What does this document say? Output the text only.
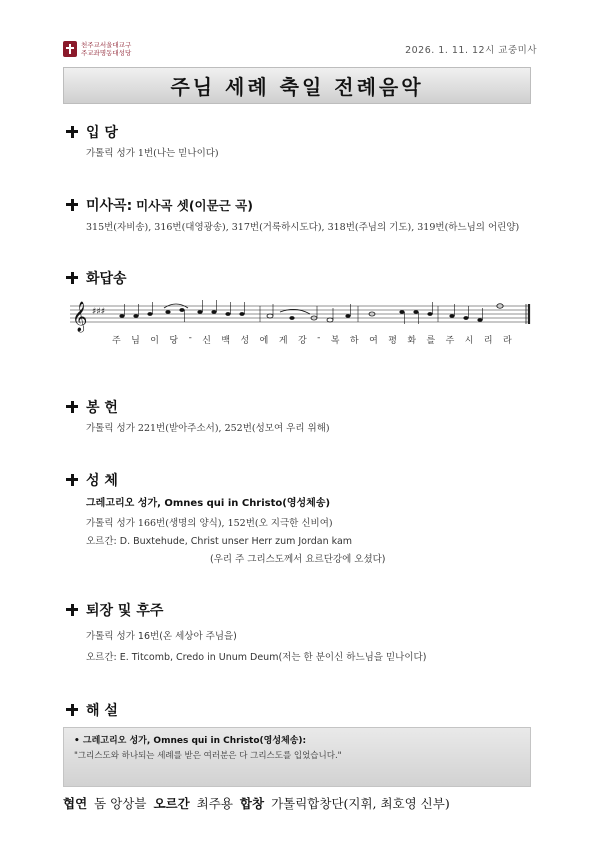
천주교서울대교구
주교좌명동대성당	2026. 1. 11. 12시 교중미사
주님 세례 축일 전례음악
입 당
가톨릭 성가 1번(나는 믿나이다)
미사곡: 미사곡 셋(이문근 곡)
315번(자비송), 316번(대영광송), 317번(거룩하시도다), 318번(주님의 기도), 319번(하느님의 어린양)
화답송
𝄞 ♯♯♯
주 님 이 당 - 신 백 성 에 게 강 - 복 하 여 평 화 를 주 시 리 라
봉 헌
가톨릭 성가 221번(받아주소서), 252번(성모여 우리 위해)
성 체
그레고리오 성가, Omnes qui in Christo(영성체송)
가톨릭 성가 166번(생명의 양식), 152번(오 지극한 신비여)
오르간: D. Buxtehude, Christ unser Herr zum Jordan kam
(우리 주 그리스도께서 요르단강에 오셨다)
퇴장 및 후주
가톨릭 성가 16번(온 세상아 주님을)
오르간: E. Titcomb, Credo in Unum Deum(저는 한 분이신 하느님을 믿나이다)
해 설
• 그레고리오 성가, Omnes qui in Christo(영성체송):
"그리스도와 하나되는 세례를 받은 여러분은 다 그리스도를 입었습니다."
협연 돔 앙상블 오르간 최주용 합창 가톨릭합창단(지휘, 최호영 신부)
